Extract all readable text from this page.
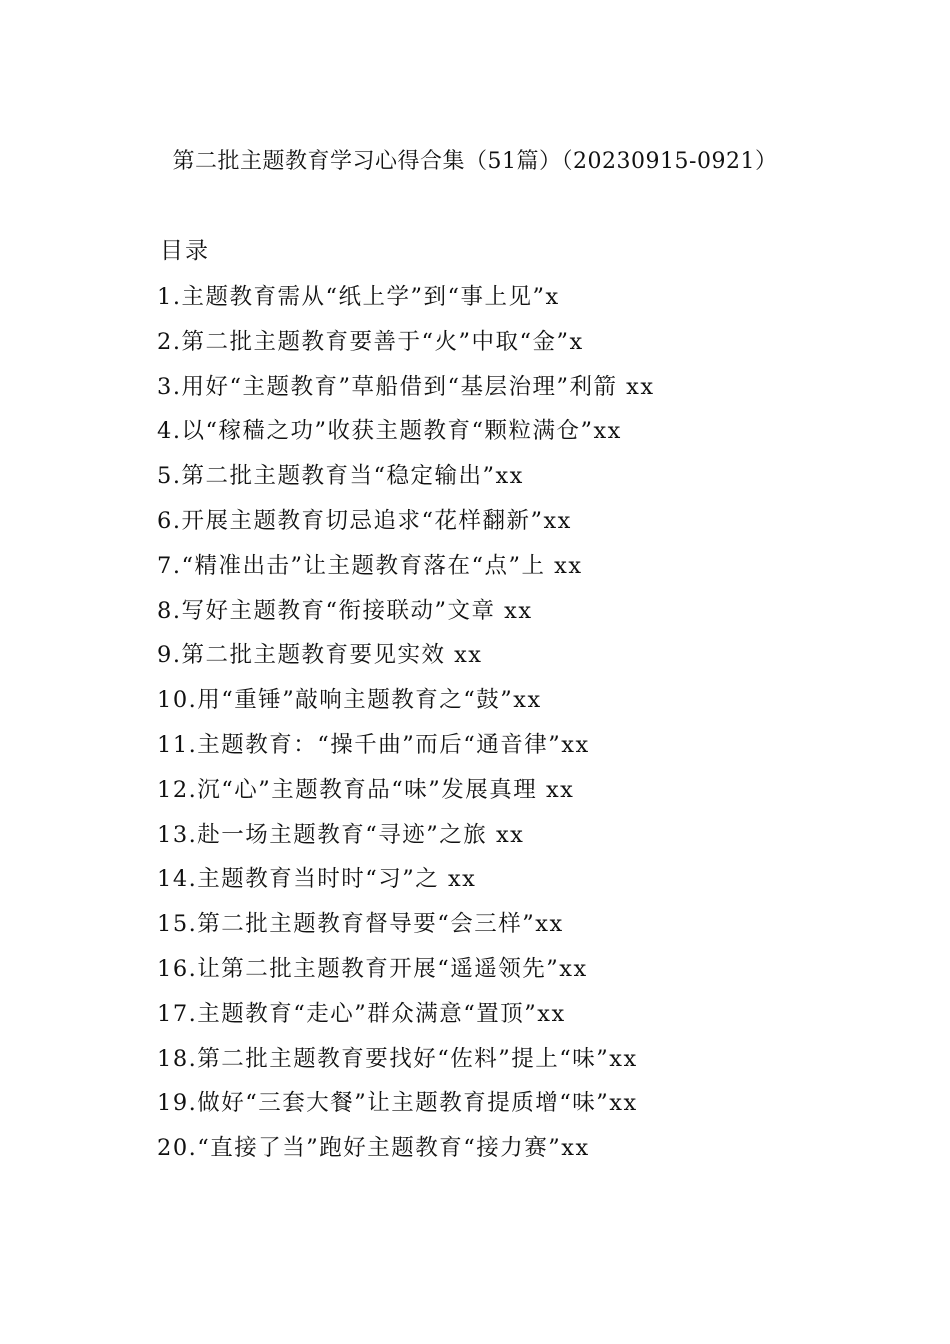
第二批主题教育学习心得合集（51篇）（20230915-0921）
目录
1.主题教育需从“纸上学”到“事上见”x
2.第二批主题教育要善于“火”中取“金”x
3.用好“主题教育”草船借到“基层治理”利箭 xx
4.以“稼穑之功”收获主题教育“颗粒满仓”xx
5.第二批主题教育当“稳定输出”xx
6.开展主题教育切忌追求“花样翻新”xx
7.“精准出击”让主题教育落在“点”上 xx
8.写好主题教育“衔接联动”文章 xx
9.第二批主题教育要见实效 xx
10.用“重锤”敲响主题教育之“鼓”xx
11.主题教育：“操千曲”而后“通音律”xx
12.沉“心”主题教育品“味”发展真理 xx
13.赴一场主题教育“寻迹”之旅 xx
14.主题教育当时时“习”之 xx
15.第二批主题教育督导要“会三样”xx
16.让第二批主题教育开展“遥遥领先”xx
17.主题教育“走心”群众满意“置顶”xx
18.第二批主题教育要找好“佐料”提上“味”xx
19.做好“三套大餐”让主题教育提质增“味”xx
20.“直接了当”跑好主题教育“接力赛”xx
